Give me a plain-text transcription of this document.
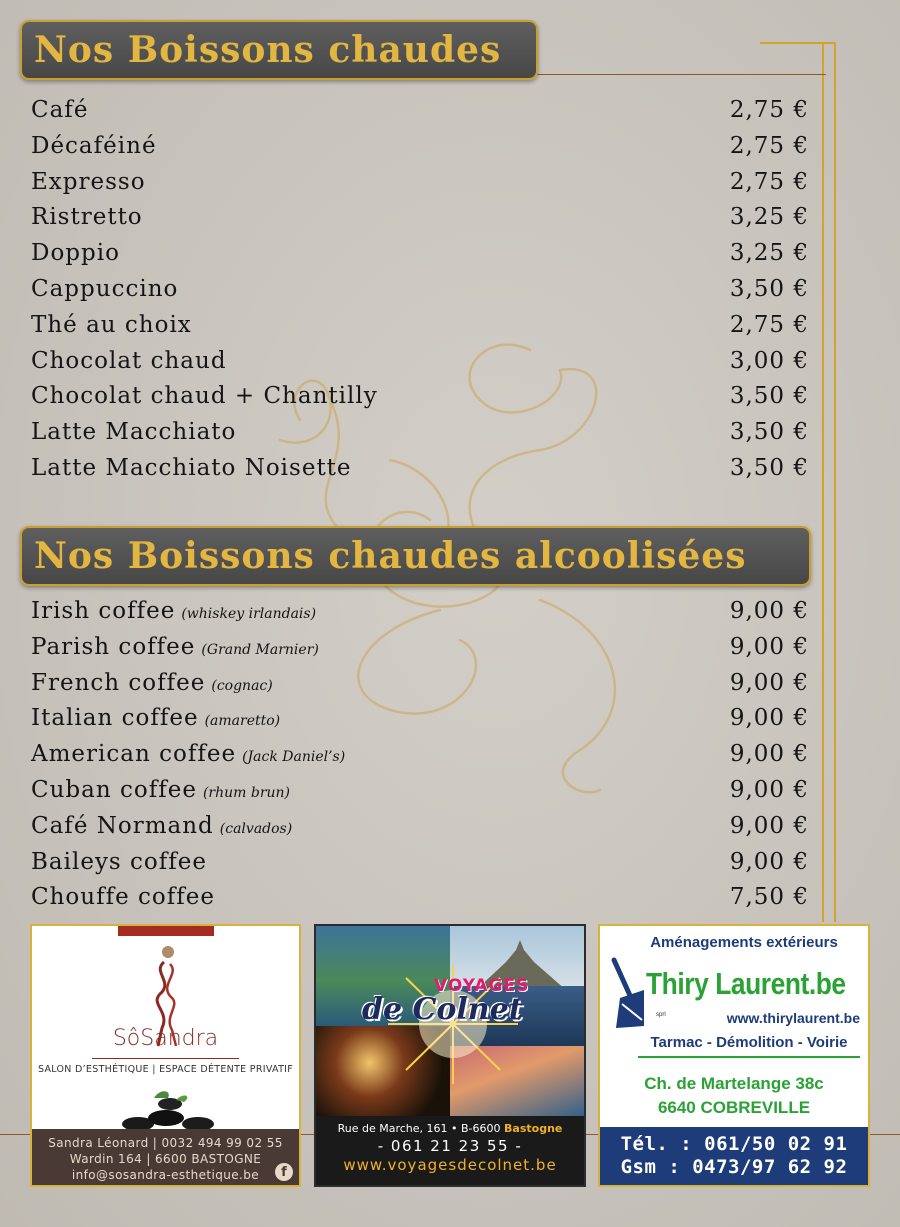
Nos Boissons chaudes
Café	2,75 €
Décaféiné	2,75 €
Expresso	2,75 €
Ristretto	3,25 €
Doppio	3,25 €
Cappuccino	3,50 €
Thé au choix	2,75 €
Chocolat chaud	3,00 €
Chocolat chaud + Chantilly	3,50 €
Latte Macchiato	3,50 €
Latte Macchiato Noisette	3,50 €
Nos Boissons chaudes alcoolisées
Irish coffee (whiskey irlandais)	9,00 €
Parish coffee (Grand Marnier)	9,00 €
French coffee (cognac)	9,00 €
Italian coffee (amaretto)	9,00 €
American coffee (Jack Daniel’s)	9,00 €
Cuban coffee (rhum brun)	9,00 €
Café Normand (calvados)	9,00 €
Baileys coffee	9,00 €
Chouffe coffee	7,50 €
SôSandra
SALON D’ESTHÉTIQUE | ESPACE DÉTENTE PRIVATIF
Sandra Léonard | 0032 494 99 02 55
Wardin 164 | 6600 BASTOGNE
info@sosandra-esthetique.be	f
VOYAGES
de Colnet
Rue de Marche, 161 • B-6600 Bastogne
- 061 21 23 55 -
www.voyagesdecolnet.be
Aménagements extérieurs
Thiry Laurent.be
sprl	www.thirylaurent.be
Tarmac - Démolition - Voirie
Ch. de Martelange 38c
6640 COBREVILLE
Tél. : 061/50 02 91
Gsm : 0473/97 62 92
